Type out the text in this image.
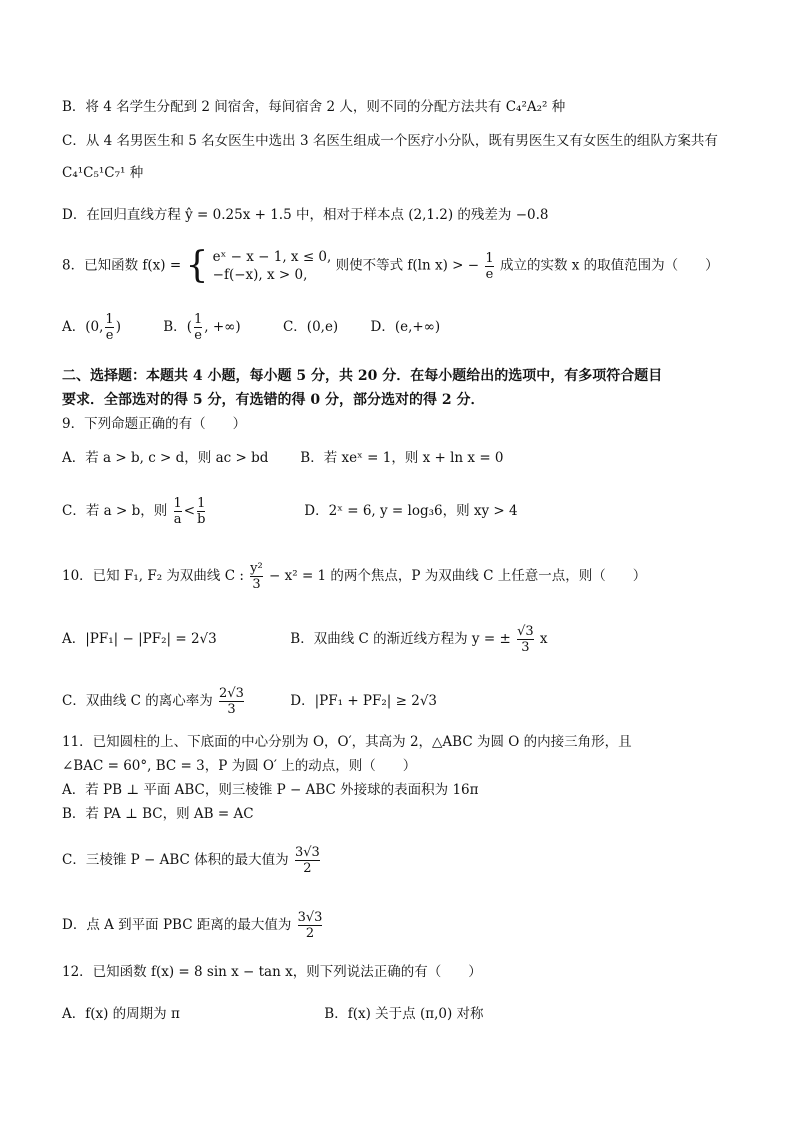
B．将 4 名学生分配到 2 间宿舍，每间宿舍 2 人，则不同的分配方法共有 C₄²A₂² 种
C．从 4 名男医生和 5 名女医生中选出 3 名医生组成一个医疗小分队，既有男医生又有女医生的组队方案共有
C₄¹C₅¹C₇¹ 种
D．在回归直线方程 ŷ = 0.25x + 1.5 中，相对于样本点 (2,1.2) 的残差为 −0.8
8．已知函数 f(x) = { eˣ − x − 1, x ≤ 0,
−f(−x), x > 0,
则使不等式 f(ln x) > − $\frac{1}{e}$ 成立的实数 x 的取值范围为（　　）
A．(0, $\frac{1}{e}$ )	B．( $\frac{1}{e}$ , +∞)	C．(0,e) D．(e,+∞)
二、选择题：本题共 4 小题，每小题 5 分，共 20 分．在每小题给出的选项中，有多项符合题目
要求．全部选对的得 5 分，有选错的得 0 分，部分选对的得 2 分．
9．下列命题正确的有（　　）
A．若 a > b, c > d，则 ac > bd B．若 xeˣ = 1，则 x + ln x = 0
C．若 a > b，则 $\frac{1}{a} < \frac{1}{b}$	D．2ˣ = 6, y = log₃6，则 xy > 4
10．已知 F₁, F₂ 为双曲线 C : $\frac{\text{y²}}{3} - x^2 = 1$ 的两个焦点，P 为双曲线 C 上任意一点，则（　　）
A．|PF₁| − |PF₂| = 2√3	B．双曲线 C 的渐近线方程为 y = ± $\frac{√3}{3}$ x
C．双曲线 C 的离心率为 $\frac{2√3}{3}$	D．|PF₁ + PF₂| ≥ 2√3
11．已知圆柱的上、下底面的中心分别为 O，O′，其高为 2，△ABC 为圆 O 的内接三角形，且
∠BAC = 60°, BC = 3，P 为圆 O′ 上的动点，则（　　）
A．若 PB ⊥ 平面 ABC，则三棱锥 P − ABC 外接球的表面积为 16π
B．若 PA ⊥ BC，则 AB = AC
C．三棱锥 P − ABC 体积的最大值为 $\frac{3√3}{2}$
D．点 A 到平面 PBC 距离的最大值为 $\frac{3√3}{2}$
12．已知函数 f(x) = 8 sin x − tan x，则下列说法正确的有（　　）
A．f(x) 的周期为 π	B．f(x) 关于点 (π,0) 对称
